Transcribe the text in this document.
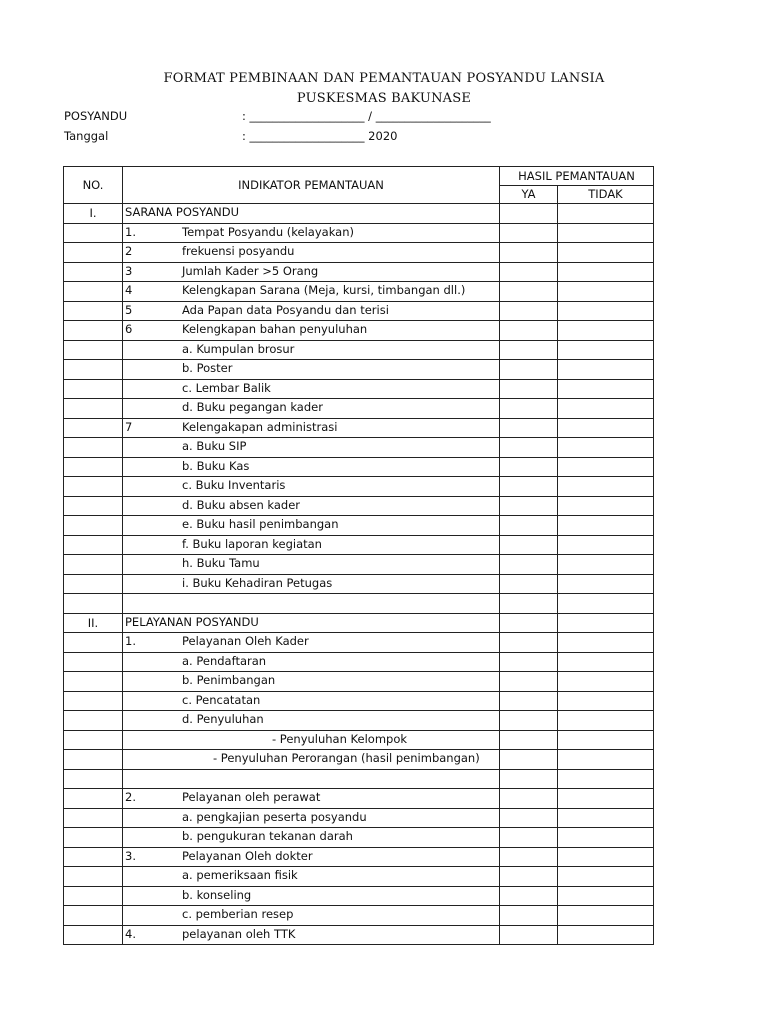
FORMAT PEMBINAAN DAN PEMANTAUAN POSYANDU LANSIA
PUSKESMAS BAKUNASE
POSYANDU	: ____________________ / ____________________
Tanggal	: ____________________ 2020
NO.	INDIKATOR PEMANTAUAN	HASIL PEMANTAUAN	
		YA	TIDAK
I.	SARANA POSYANDU		

	1. Tempat Posyandu (kelayakan)		

	2 frekuensi posyandu		

	3 Jumlah Kader >5 Orang		

	4 Kelengkapan Sarana (Meja, kursi, timbangan dll.)		

	5 Ada Papan data Posyandu dan terisi		

	6 Kelengkapan bahan penyuluhan		

	a. Kumpulan brosur		

	b. Poster		

	c. Lembar Balik		

	d. Buku pegangan kader		

	7 Kelengakapan administrasi		

	a. Buku SIP		

	b. Buku Kas		

	c. Buku Inventaris		

	d. Buku absen kader		

	e. Buku hasil penimbangan		

	f. Buku laporan kegiatan		

	h. Buku Tamu		

	i. Buku Kehadiran Petugas		

II.	PELAYANAN POSYANDU		

	1. Pelayanan Oleh Kader		

	a. Pendaftaran		

	b. Penimbangan		

	c. Pencatatan		

	d. Penyuluhan		

	- Penyuluhan Kelompok		

	- Penyuluhan Perorangan (hasil penimbangan)		

	2. Pelayanan oleh perawat		

	a. pengkajian peserta posyandu		

	b. pengukuran tekanan darah		

	3. Pelayanan Oleh dokter		

	a. pemeriksaan fisik		

	b. konseling		

	c. pemberian resep		

	4. pelayanan oleh TTK		
